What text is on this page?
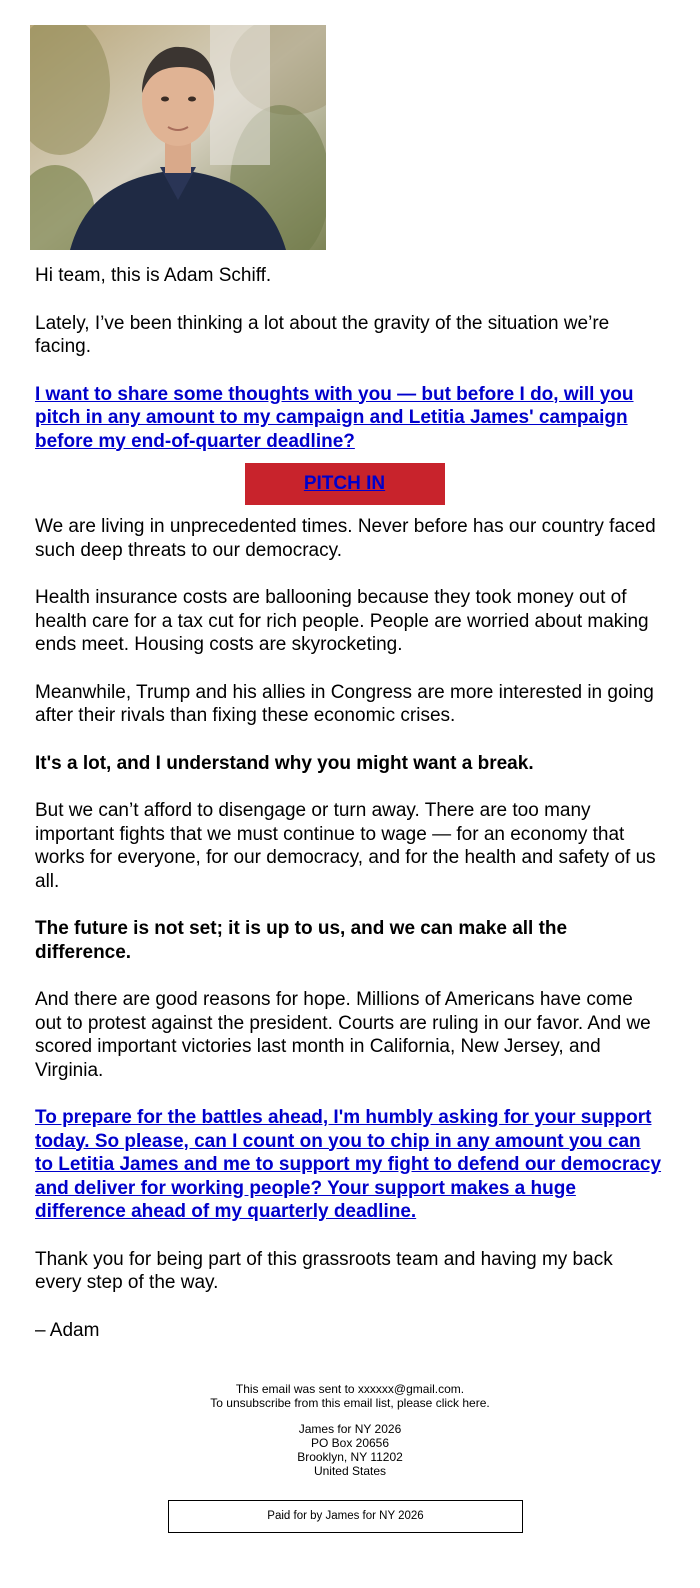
Hi team, this is Adam Schiff.

Lately, I’ve been thinking a lot about the gravity of the situation we’re facing.

I want to share some thoughts with you — but before I do, will you pitch in any amount to my campaign and Letitia James' campaign before my end-of-quarter deadline?

PITCH IN

We are living in unprecedented times. Never before has our country faced such deep threats to our democracy.

Health insurance costs are ballooning because they took money out of health care for a tax cut for rich people. People are worried about making ends meet. Housing costs are skyrocketing.

Meanwhile, Trump and his allies in Congress are more interested in going after their rivals than fixing these economic crises.

It's a lot, and I understand why you might want a break.

But we can’t afford to disengage or turn away. There are too many important fights that we must continue to wage — for an economy that works for everyone, for our democracy, and for the health and safety of us all.

The future is not set; it is up to us, and we can make all the difference.

And there are good reasons for hope. Millions of Americans have come out to protest against the president. Courts are ruling in our favor. And we scored important victories last month in California, New Jersey, and Virginia.

To prepare for the battles ahead, I'm humbly asking for your support today. So please, can I count on you to chip in any amount you can to Letitia James and me to support my fight to defend our democracy and deliver for working people? Your support makes a huge difference ahead of my quarterly deadline.

Thank you for being part of this grassroots team and having my back every step of the way.

– Adam

This email was sent to xxxxxx@gmail.com.
To unsubscribe from this email list, please click here.

James for NY 2026
PO Box 20656
Brooklyn, NY 11202
United States

Paid for by James for NY 2026
